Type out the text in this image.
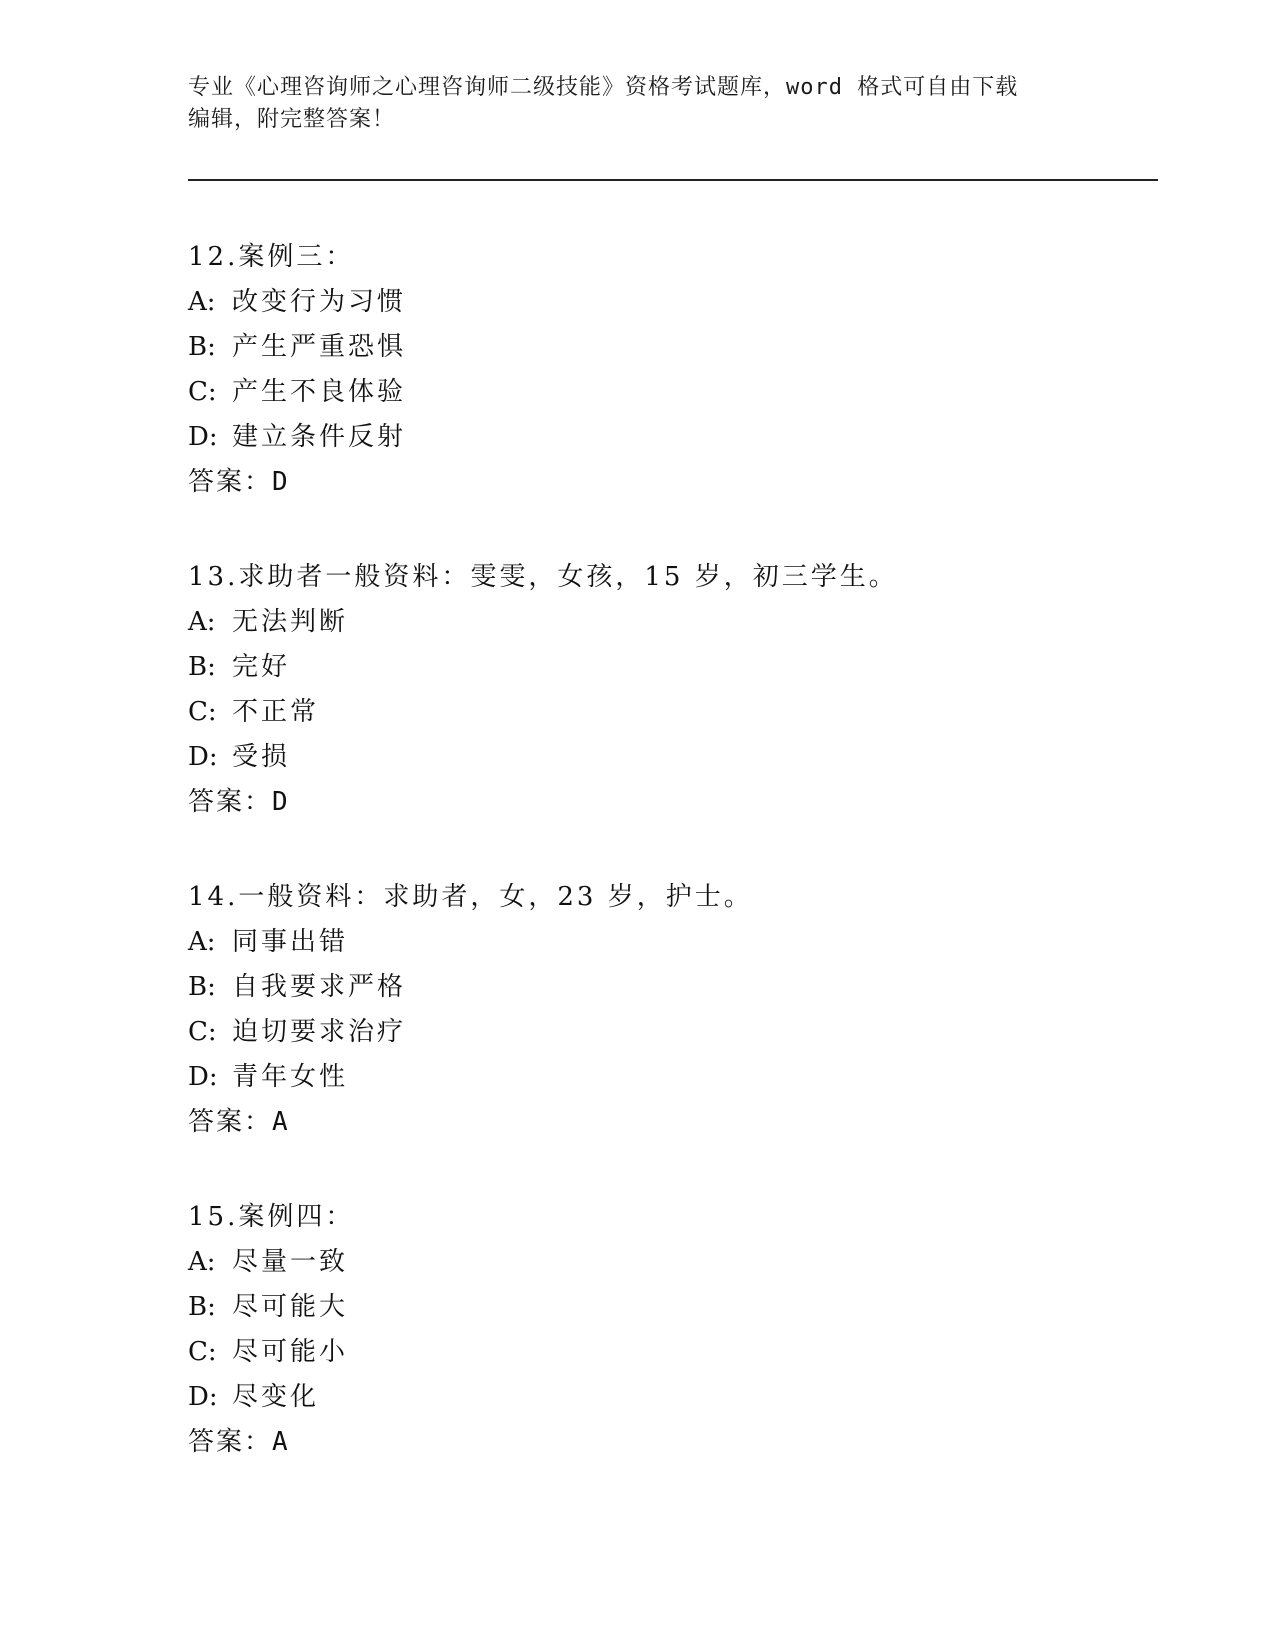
专业《心理咨询师之心理咨询师二级技能》资格考试题库，word 格式可自由下载
编辑，附完整答案！
12.案例三：
A: 改变行为习惯
B: 产生严重恐惧
C: 产生不良体验
D: 建立条件反射
答案：D
13.求助者一般资料：雯雯，女孩，15 岁，初三学生。
A: 无法判断
B: 完好
C: 不正常
D: 受损
答案：D
14.一般资料：求助者，女，23 岁，护士。
A: 同事出错
B: 自我要求严格
C: 迫切要求治疗
D: 青年女性
答案：A
15.案例四：
A: 尽量一致
B: 尽可能大
C: 尽可能小
D: 尽变化
答案：A
